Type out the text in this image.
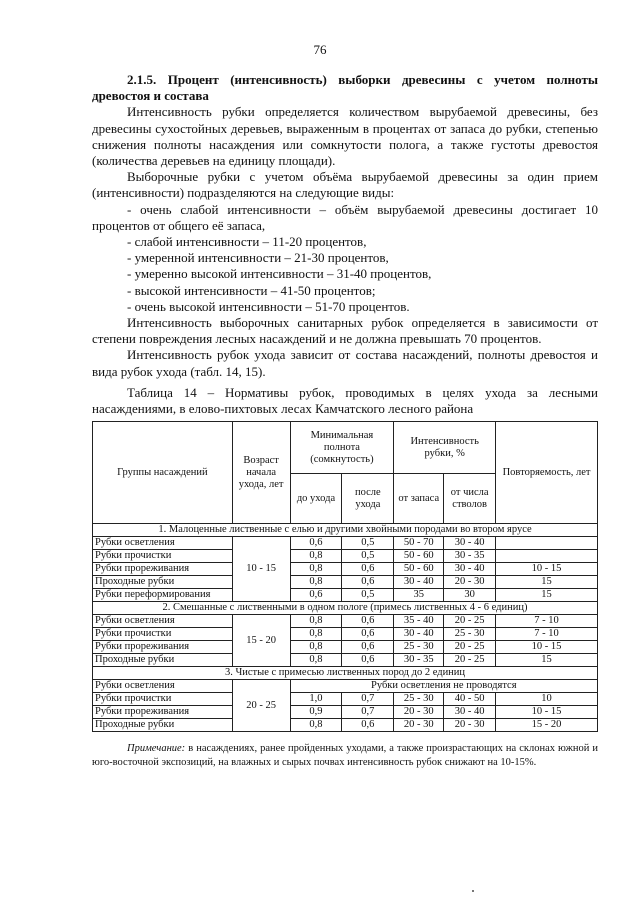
76

2.1.5. Процент (интенсивность) выборки древесины с учетом полноты древостоя и состава

Интенсивность рубки определяется количеством вырубаемой древесины, без древесины сухостойных деревьев, выраженным в процентах от запаса до рубки, степенью снижения полноты насаждения или сомкнутости полога, а также густоты древостоя (количества деревьев на единицу площади).

Выборочные рубки с учетом объёма вырубаемой древесины за один прием (интенсивности) подразделяются на следующие виды:

- очень слабой интенсивности – объём вырубаемой древесины достигает 10 процентов от общего её запаса,

- слабой интенсивности – 11-20 процентов,

- умеренной интенсивности – 21-30 процентов,

- умеренно высокой интенсивности – 31-40 процентов,

- высокой интенсивности – 41-50 процентов;

- очень высокой интенсивности – 51-70 процентов.

Интенсивность выборочных санитарных рубок определяется в зависимости от степени повреждения лесных насаждений и не должна превышать 70 процентов.

Интенсивность рубок ухода зависит от состава насаждений, полноты древостоя и вида рубок ухода (табл. 14, 15).

Таблица 14 – Нормативы рубок, проводимых в целях ухода за лесными насаждениями, в елово-пихтовых лесах Камчатского лесного района

Группы насаждений	Возраст начала ухода, лет	Минимальная полнота (сомкнутость)		Интенсивность рубки, %		Повторяемость, лет
		до ухода	после ухода	от запаса	от числа стволов	
1. Малоценные лиственные с елью и другими хвойными породами во втором ярусе						
Рубки осветления	10 - 15	0,6	0,5	50 - 70	30 - 40	
Рубки прочистки		0,8	0,5	50 - 60	30 - 35	
Рубки прореживания		0,8	0,6	50 - 60	30 - 40	10 - 15
Проходные рубки		0,8	0,6	30 - 40	20 - 30	15
Рубки переформирования		0,6	0,5	35	30	15
2. Смешанные с лиственными в одном пологе (примесь лиственных 4 - 6 единиц)						
Рубки осветления	15 - 20	0,8	0,6	35 - 40	20 - 25	7 - 10
Рубки прочистки		0,8	0,6	30 - 40	25 - 30	7 - 10
Рубки прореживания		0,8	0,6	25 - 30	20 - 25	10 - 15
Проходные рубки		0,8	0,6	30 - 35	20 - 25	15
3. Чистые с примесью лиственных пород до 2 единиц						
Рубки осветления	20 - 25	Рубки осветления не проводятся				
Рубки прочистки		1,0	0,7	25 - 30	40 - 50	10
Рубки прореживания		0,9	0,7	20 - 30	30 - 40	10 - 15
Проходные рубки		0,8	0,6	20 - 30	20 - 30	15 - 20

Примечание: в насаждениях, ранее пройденных уходами, а также произрастающих на склонах южной и юго-восточной экспозиций, на влажных и сырых почвах интенсивность рубок снижают на 10-15%.
